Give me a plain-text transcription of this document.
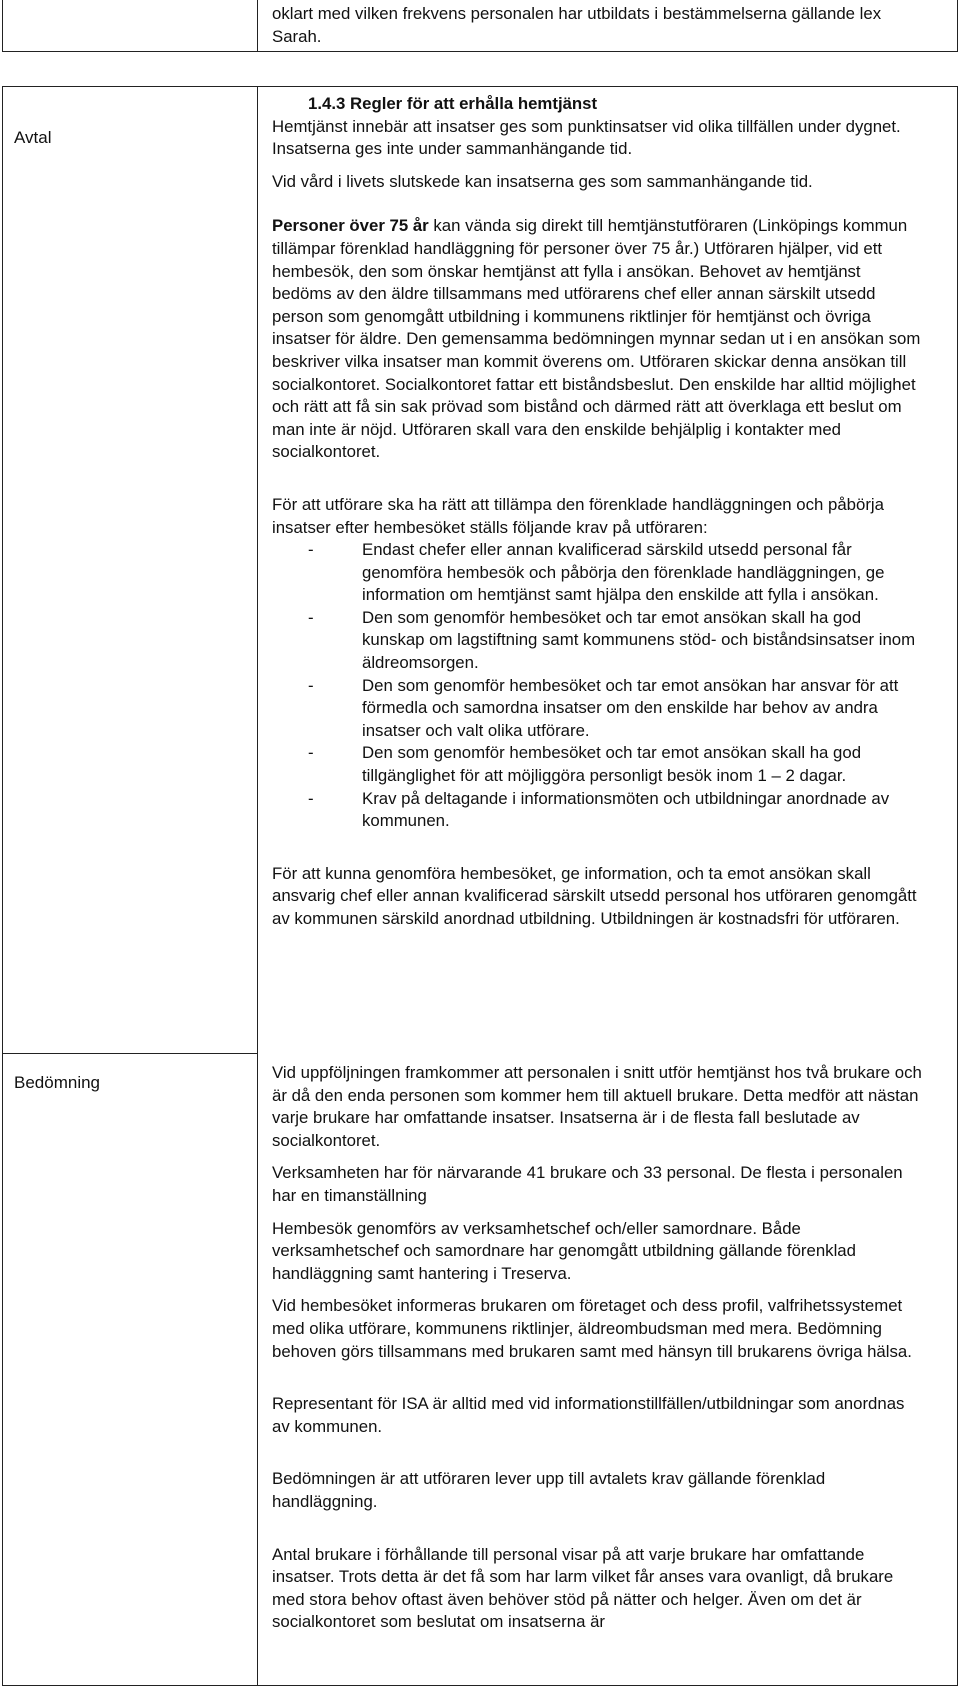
oklart med vilken frekvens personalen har utbildats i bestämmelserna gällande lex Sarah.

Avtal
Bedömning

1.4.3 Regler för att erhålla hemtjänst

Hemtjänst innebär att insatser ges som punktinsatser vid olika tillfällen under dygnet. Insatserna ges inte under sammanhängande tid.

Vid vård i livets slutskede kan insatserna ges som sammanhängande tid.

Personer över 75 år kan vända sig direkt till hemtjänstutföraren (Linköpings kommun tillämpar förenklad handläggning för personer över 75 år.) Utföraren hjälper, vid ett hembesök, den som önskar hemtjänst att fylla i ansökan. Behovet av hemtjänst bedöms av den äldre tillsammans med utförarens chef eller annan särskilt utsedd person som genomgått utbildning i kommunens riktlinjer för hemtjänst och övriga insatser för äldre. Den gemensamma bedömningen mynnar sedan ut i en ansökan som beskriver vilka insatser man kommit överens om. Utföraren skickar denna ansökan till socialkontoret. Socialkontoret fattar ett biståndsbeslut. Den enskilde har alltid möjlighet och rätt att få sin sak prövad som bistånd och därmed rätt att överklaga ett beslut om man inte är nöjd. Utföraren skall vara den enskilde behjälplig i kontakter med socialkontoret.

För att utförare ska ha rätt att tillämpa den förenklade handläggningen och påbörja insatser efter hembesöket ställs följande krav på utföraren:

- Endast chefer eller annan kvalificerad särskild utsedd personal får genomföra hembesök och påbörja den förenklade handläggningen, ge information om hemtjänst samt hjälpa den enskilde att fylla i ansökan.
- Den som genomför hembesöket och tar emot ansökan skall ha god kunskap om lagstiftning samt kommunens stöd- och biståndsinsatser inom äldreomsorgen.
- Den som genomför hembesöket och tar emot ansökan har ansvar för att förmedla och samordna insatser om den enskilde har behov av andra insatser och valt olika utförare.
- Den som genomför hembesöket och tar emot ansökan skall ha god tillgänglighet för att möjliggöra personligt besök inom 1 – 2 dagar.
- Krav på deltagande i informationsmöten och utbildningar anordnade av kommunen.

För att kunna genomföra hembesöket, ge information, och ta emot ansökan skall ansvarig chef eller annan kvalificerad särskilt utsedd personal hos utföraren genomgått av kommunen särskild anordnad utbildning. Utbildningen är kostnadsfri för utföraren.

Vid uppföljningen framkommer att personalen i snitt utför hemtjänst hos två brukare och är då den enda personen som kommer hem till aktuell brukare. Detta medför att nästan varje brukare har omfattande insatser. Insatserna är i de flesta fall beslutade av socialkontoret.

Verksamheten har för närvarande 41 brukare och 33 personal. De flesta i personalen har en timanställning

Hembesök genomförs av verksamhetschef och/eller samordnare. Både verksamhetschef och samordnare har genomgått utbildning gällande förenklad handläggning samt hantering i Treserva.

Vid hembesöket informeras brukaren om företaget och dess profil, valfrihetssystemet med olika utförare, kommunens riktlinjer, äldreombudsman med mera. Bedömning behoven görs tillsammans med brukaren samt med hänsyn till brukarens övriga hälsa.

Representant för ISA är alltid med vid informationstillfällen/utbildningar som anordnas av kommunen.

Bedömningen är att utföraren lever upp till avtalets krav gällande förenklad handläggning.

Antal brukare i förhållande till personal visar på att varje brukare har omfattande insatser. Trots detta är det få som har larm vilket får anses vara ovanligt, då brukare med stora behov oftast även behöver stöd på nätter och helger. Även om det är socialkontoret som beslutat om insatserna är
